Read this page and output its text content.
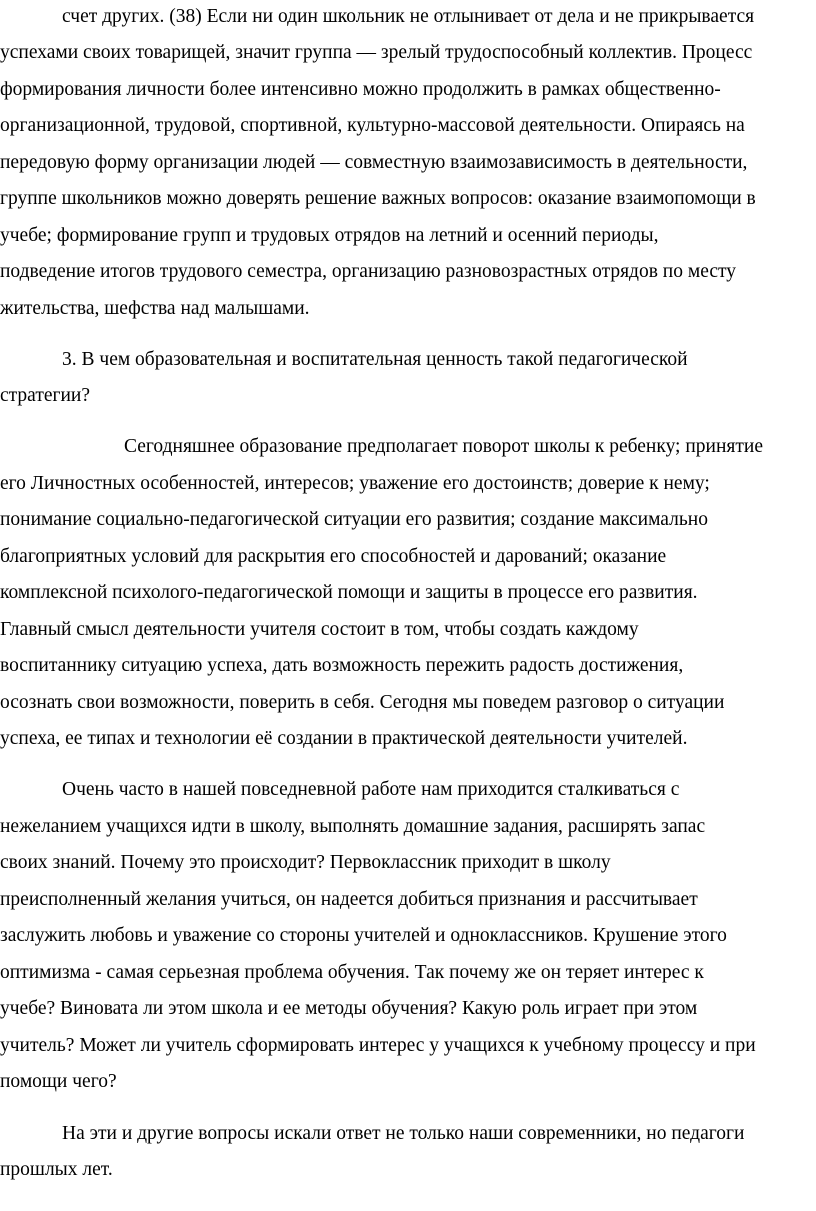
счет других. (38) Если ни один школьник не отлынивает от дела и не прикрывается
успехами своих товарищей, значит группа — зрелый трудоспособный коллектив. Процесс
формирования личности более интенсивно можно продолжить в рамках общественно-
организационной, трудовой, спортивной, культурно-массовой деятельности. Опираясь на
передовую форму организации людей — совместную взаимозависимость в деятельности,
группе школьников можно доверять решение важных вопросов: оказание взаимопомощи в
учебе; формирование групп и трудовых отрядов на летний и осенний периоды,
подведение итогов трудового семестра, организацию разновозрастных отрядов по месту
жительства, шефства над малышами.
3. В чем образовательная и воспитательная ценность такой педагогической
стратегии?
Сегодняшнее образование предполагает поворот школы к ребенку; принятие
его Личностных особенностей, интересов; уважение его достоинств; доверие к нему;
понимание социально-педагогической ситуации его развития; создание максимально
благоприятных условий для раскрытия его способностей и дарований; оказание
комплексной психолого-педагогической помощи и защиты в процессе его развития.
Главный смысл деятельности учителя состоит в том, чтобы создать каждому
воспитаннику ситуацию успеха, дать возможность пережить радость достижения,
осознать свои возможности, поверить в себя. Сегодня мы поведем разговор о ситуации
успеха, ее типах и технологии её создании в практической деятельности учителей.
Очень часто в нашей повседневной работе нам приходится сталкиваться с
нежеланием учащихся идти в школу, выполнять домашние задания, расширять запас
своих знаний. Почему это происходит? Первоклассник приходит в школу
преисполненный желания учиться, он надеется добиться признания и рассчитывает
заслужить любовь и уважение со стороны учителей и одноклассников. Крушение этого
оптимизма - самая серьезная проблема обучения. Так почему же он теряет интерес к
учебе? Виновата ли этом школа и ее методы обучения? Какую роль играет при этом
учитель? Может ли учитель сформировать интерес у учащихся к учебному процессу и при
помощи чего?
На эти и другие вопросы искали ответ не только наши современники, но педагоги
прошлых лет.
